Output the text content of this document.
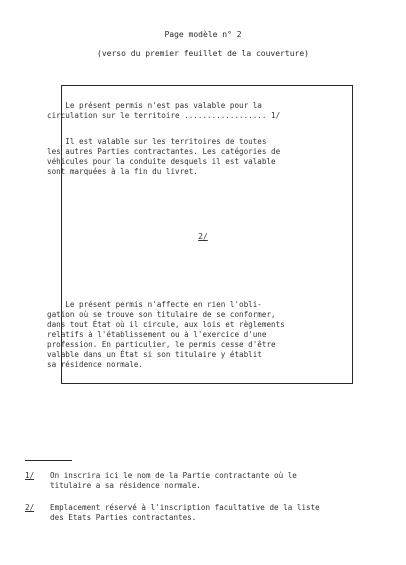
Page modèle n° 2
(verso du premier feuillet de la couverture)
Le présent permis n'est pas valable pour la
circulation sur le territoire .................. 1/
Il est valable sur les territoires de toutes
les autres Parties contractantes. Les catégories de
véhicules pour la conduite desquels il est valable
sont marquées à la fin du livret.
2/
Le présent permis n'affecte en rien l'obli-
gation où se trouve son titulaire de se conformer,
dans tout État où il circule, aux lois et règlements
relatifs à l'établissement ou à l'exercice d'une
profession. En particulier, le permis cesse d'être
valable dans un État si son titulaire y établit
sa résidence normale.
1/ On inscrira ici le nom de la Partie contractante où le
titulaire a sa résidence normale.
2/ Emplacement réservé à l'inscription facultative de la liste
des Etats Parties contractantes.
